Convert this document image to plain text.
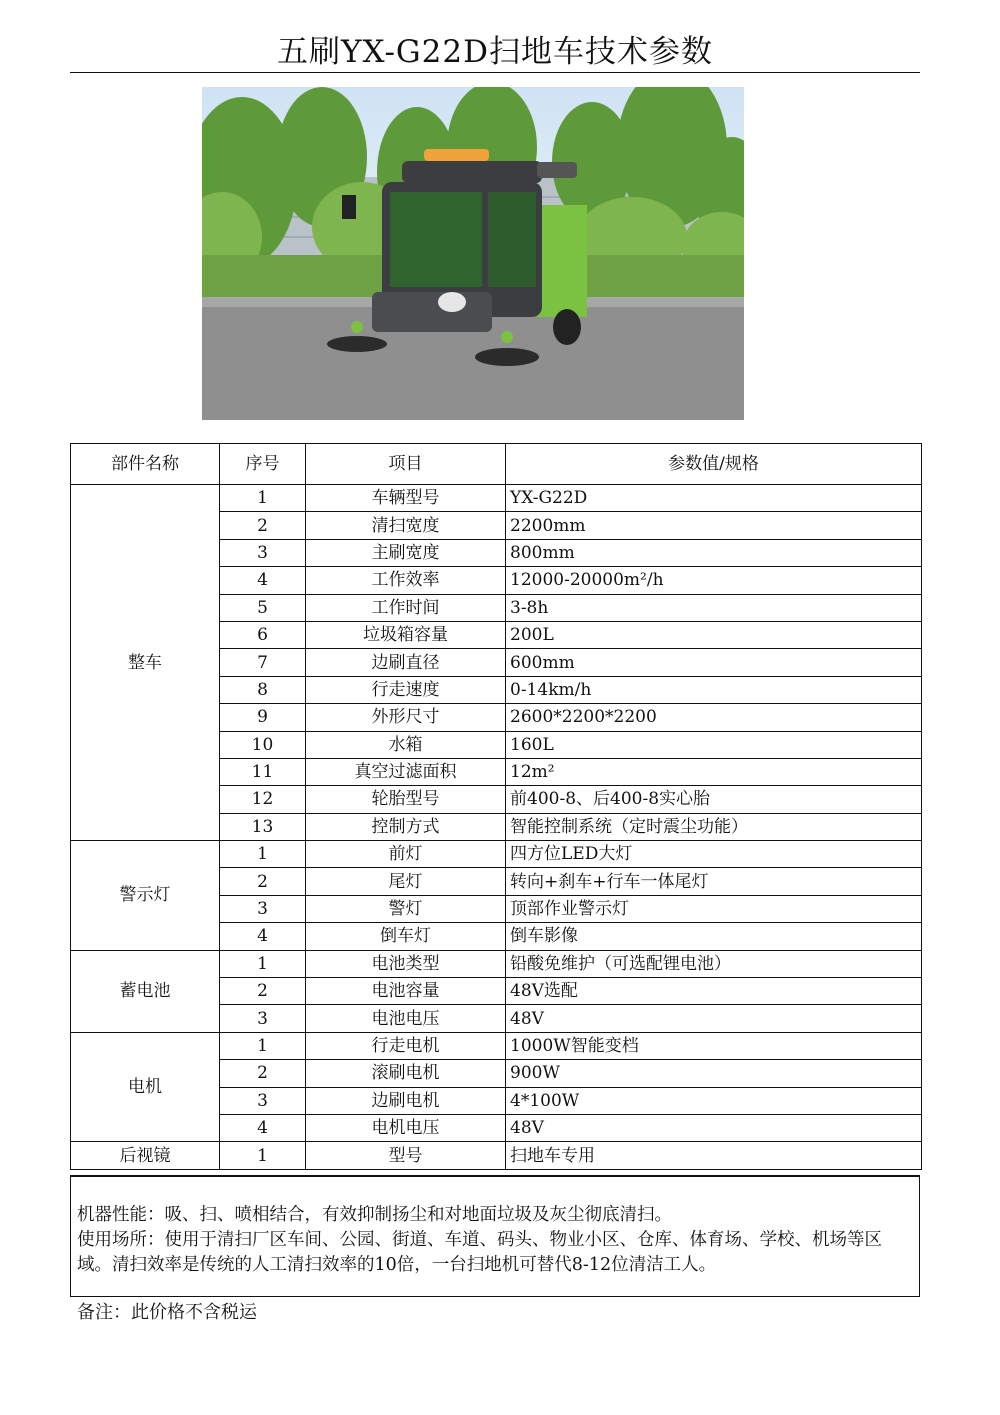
五刷YX-G22D扫地车技术参数
部件名称	序号	项目	参数值/规格
整车	1	车辆型号	YX-G22D
	2	清扫宽度	2200mm
	3	主刷宽度	800mm
	4	工作效率	12000-20000m²/h
	5	工作时间	3-8h
	6	垃圾箱容量	200L
	7	边刷直径	600mm
	8	行走速度	0-14km/h
	9	外形尺寸	2600*2200*2200
	10	水箱	160L
	11	真空过滤面积	12m²
	12	轮胎型号	前400-8、后400-8实心胎
	13	控制方式	智能控制系统（定时震尘功能）
警示灯	1	前灯	四方位LED大灯
	2	尾灯	转向+刹车+行车一体尾灯
	3	警灯	顶部作业警示灯
	4	倒车灯	倒车影像
蓄电池	1	电池类型	铅酸免维护（可选配锂电池）
	2	电池容量	48V选配
	3	电池电压	48V
电机	1	行走电机	1000W智能变档
	2	滚刷电机	900W
	3	边刷电机	4*100W
	4	电机电压	48V
后视镜	1	型号	扫地车专用

机器性能：吸、扫、喷相结合，有效抑制扬尘和对地面垃圾及灰尘彻底清扫。

使用场所：使用于清扫厂区车间、公园、街道、车道、码头、物业小区、仓库、体育场、学校、机场等区域。清扫效率是传统的人工清扫效率的10倍，一台扫地机可替代8-12位清洁工人。

备注：此价格不含税运
